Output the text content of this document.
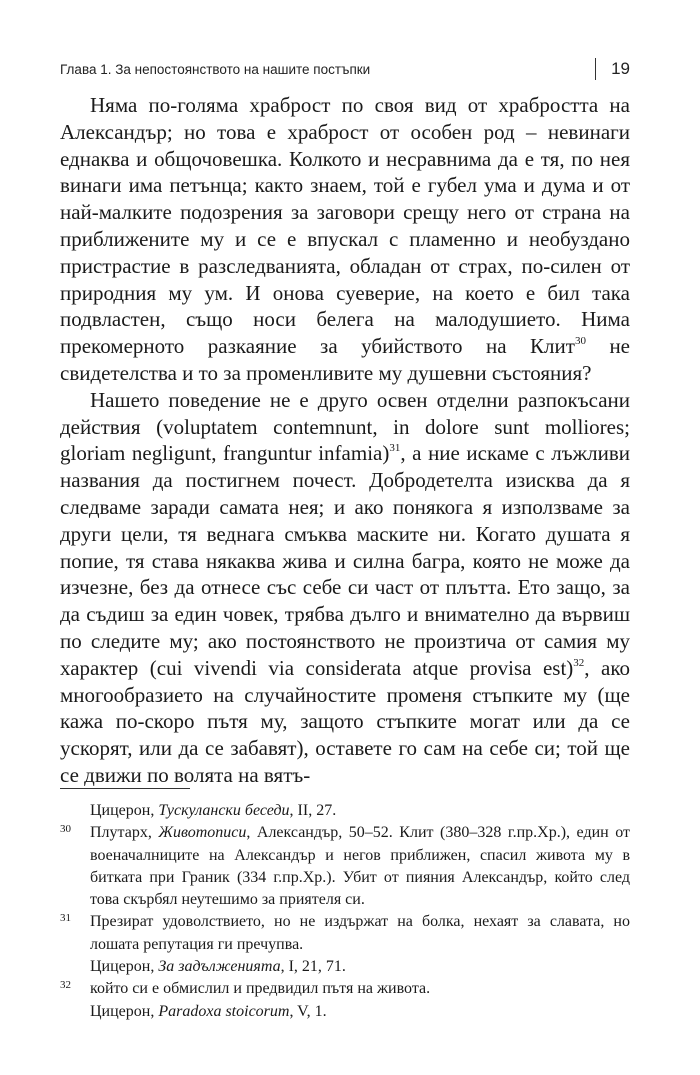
Глава 1. За непостоянството на нашите постъпки	19

Няма по-голяма храброст по своя вид от храбростта на Александър; но това е храброст от особен род – невинаги еднаква и общочовешка. Колкото и несравнима да е тя, по нея винаги има петънца; както знаем, той е губел ума и дума и от най-малките подозрения за заговори срещу него от страна на приближените му и се е впускал с пламенно и необуздано пристрастие в разследванията, обладан от страх, по-силен от природния му ум. И онова суеверие, на което е бил така подвластен, също носи белега на малодушието. Нима прекомерното разкаяние за убийството на Клит$^{30}$ не свидетелства и то за променливите му душевни състояния?

Нашето поведение не е друго освен отделни разпокъсани действия (voluptatem contemnunt, in dolore sunt molliores; gloriam negligunt, franguntur infamia)$^{31}$, а ние искаме с лъжливи названия да постигнем почест. Добродетелта изисква да я следваме заради самата нея; и ако понякога я използваме за други цели, тя веднага смъква маските ни. Когато душата я попие, тя става някаква жива и силна багра, която не може да изчезне, без да отнесе със себе си част от плътта. Ето защо, за да съдиш за един човек, трябва дълго и внимателно да вървиш по следите му; ако постоянството не произтича от самия му характер (cui vivendi via considerata atque provisa est)$^{32}$, ако многообразието на случайностите променя стъпките му (ще кажа по-скоро пътя му, защото стъпките могат или да се ускорят, или да се забавят), оставете го сам на себе си; той ще се движи по волята на вятъ-

Цицерон, Тускулански беседи, II, 27.

30 Плутарх, Животописи, Александър, 50–52. Клит (380–328 г.пр.Хр.), един от военачалниците на Александър и негов приближен, спасил живота му в битката при Граник (334 г.пр.Хр.). Убит от пияния Александър, който след това скърбял неутешимо за приятеля си.

31 Презират удоволствието, но не издържат на болка, нехаят за славата, но лошата репутация ги пречупва.

Цицерон, За задълженията, I, 21, 71.

32 който си е обмислил и предвидил пътя на живота.

Цицерон, Paradoxa stoicorum, V, 1.
